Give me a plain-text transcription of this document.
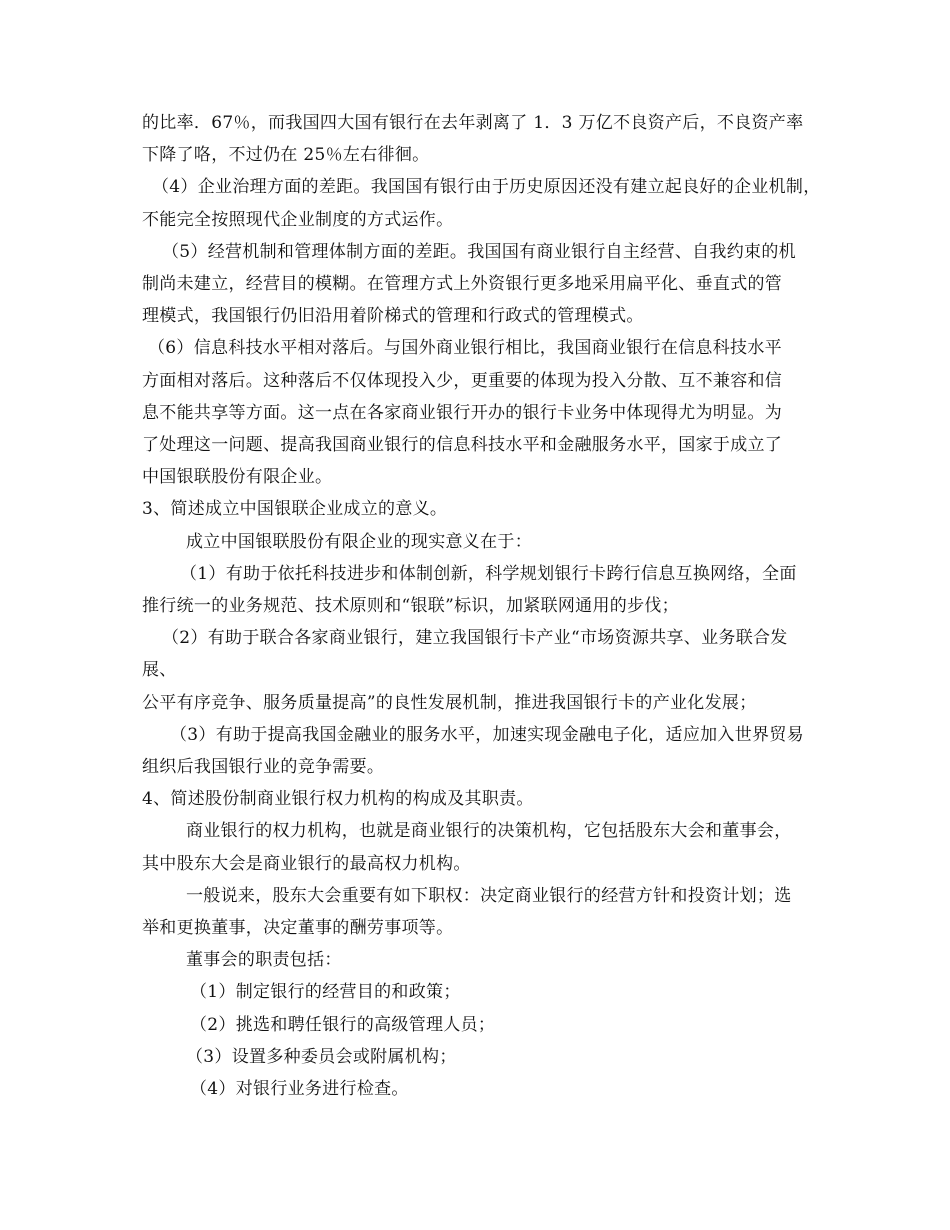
的比率．67％，而我国四大国有银行在去年剥离了 1．3 万亿不良资产后，不良资产率
下降了咯，不过仍在 25％左右徘徊。
（4）企业治理方面的差距。我国国有银行由于历史原因还没有建立起良好的企业机制，
不能完全按照现代企业制度的方式运作。
（5）经营机制和管理体制方面的差距。我国国有商业银行自主经营、自我约束的机
制尚未建立，经营目的模糊。在管理方式上外资银行更多地采用扁平化、垂直式的管
理模式，我国银行仍旧沿用着阶梯式的管理和行政式的管理模式。
（6）信息科技水平相对落后。与国外商业银行相比，我国商业银行在信息科技水平
方面相对落后。这种落后不仅体现投入少，更重要的体现为投入分散、互不兼容和信
息不能共享等方面。这一点在各家商业银行开办的银行卡业务中体现得尤为明显。为
了处理这一问题、提高我国商业银行的信息科技水平和金融服务水平，国家于成立了
中国银联股份有限企业。
3、简述成立中国银联企业成立的意义。
成立中国银联股份有限企业的现实意义在于：
（1）有助于依托科技进步和体制创新，科学规划银行卡跨行信息互换网络，全面
推行统一的业务规范、技术原则和“银联”标识，加紧联网通用的步伐；
（2）有助于联合各家商业银行，建立我国银行卡产业“市场资源共享、业务联合发
展、
公平有序竞争、服务质量提高”的良性发展机制，推进我国银行卡的产业化发展；
（3）有助于提高我国金融业的服务水平，加速实现金融电子化，适应加入世界贸易
组织后我国银行业的竞争需要。
4、简述股份制商业银行权力机构的构成及其职责。
商业银行的权力机构，也就是商业银行的决策机构，它包括股东大会和董事会，
其中股东大会是商业银行的最高权力机构。
一般说来，股东大会重要有如下职权：决定商业银行的经营方针和投资计划；选
举和更换董事，决定董事的酬劳事项等。
董事会的职责包括：
（1）制定银行的经营目的和政策；
（2）挑选和聘任银行的高级管理人员；
（3）设置多种委员会或附属机构；
（4）对银行业务进行检查。
